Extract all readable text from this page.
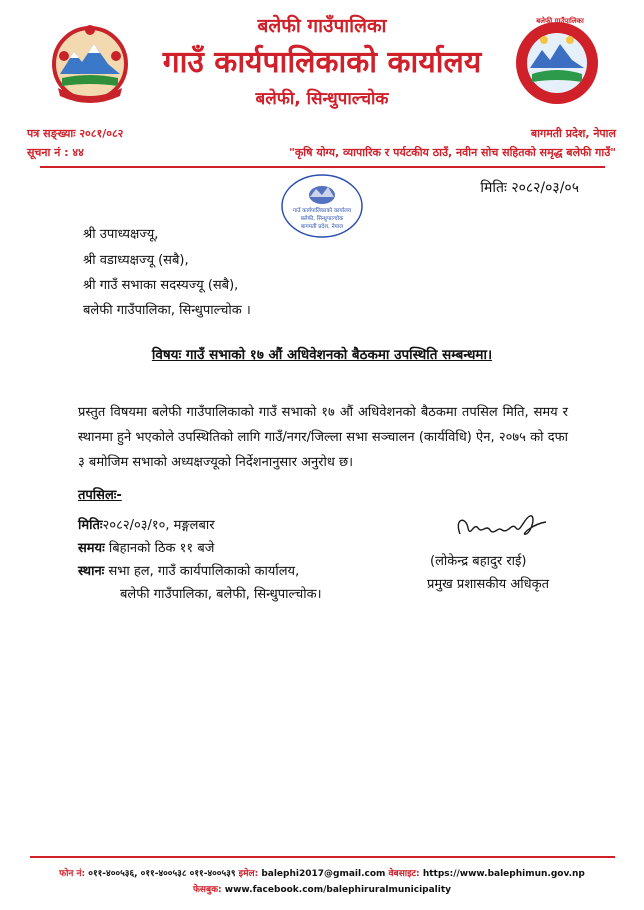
बलेफी गाउँपालिका
बलेफी गाउँपालिका
गाउँ कार्यपालिकाको कार्यालय
बलेफी, सिन्धुपाल्चोक
पत्र सङ्ख्याः २०८१/०८२	बागमती प्रदेश, नेपाल
सूचना नं : ४४	"कृषि योग्य, व्यापारिक र पर्यटकीय ठाउँ, नवीन सोच सहितको समृद्ध बलेफी गाउँ"
मितिः २०८२/०३/०५
गाउँ कार्यपालिकाको कार्यालय
बलेफी, सिन्धुपाल्चोक
बागमती प्रदेश, नेपाल
श्री उपाध्यक्षज्यू,
श्री वडाध्यक्षज्यू (सबै),
श्री गाउँ सभाका सदस्यज्यू (सबै),
बलेफी गाउँपालिका, सिन्धुपाल्चोक ।
विषयः गाउँ सभाको १७ औं अधिवेशनको बैठकमा उपस्थिति सम्बन्धमा।
प्रस्तुत विषयमा बलेफी गाउँपालिकाको गाउँ सभाको १७ औं अधिवेशनको बैठकमा तपसिल मिति, समय र स्थानमा हुने भएकोले उपस्थितिको लागि गाउँ/नगर/जिल्ला सभा सञ्चालन (कार्यविधि) ऐन, २०७५ को दफा ३ बमोजिम सभाको अध्यक्षज्यूको निर्देशनानुसार अनुरोध छ।
तपसिलः-
मितिः२०८२/०३/१०, मङ्गलबार
समयः बिहानको ठिक ११ बजे
स्थानः सभा हल, गाउँ कार्यपालिकाको कार्यालय,
बलेफी गाउँपालिका, बलेफी, सिन्धुपाल्चोक।
(लोकेन्द्र बहादुर राई)
प्रमुख प्रशासकीय अधिकृत
फोन नं: ०११-४००५३६, ०११-४००५३८ ०११-४००५३९ इमेल: balephi2017@gmail.com वेबसाइट: https://www.balephimun.gov.np
फेसबुक: www.facebook.com/balephiruralmunicipality
